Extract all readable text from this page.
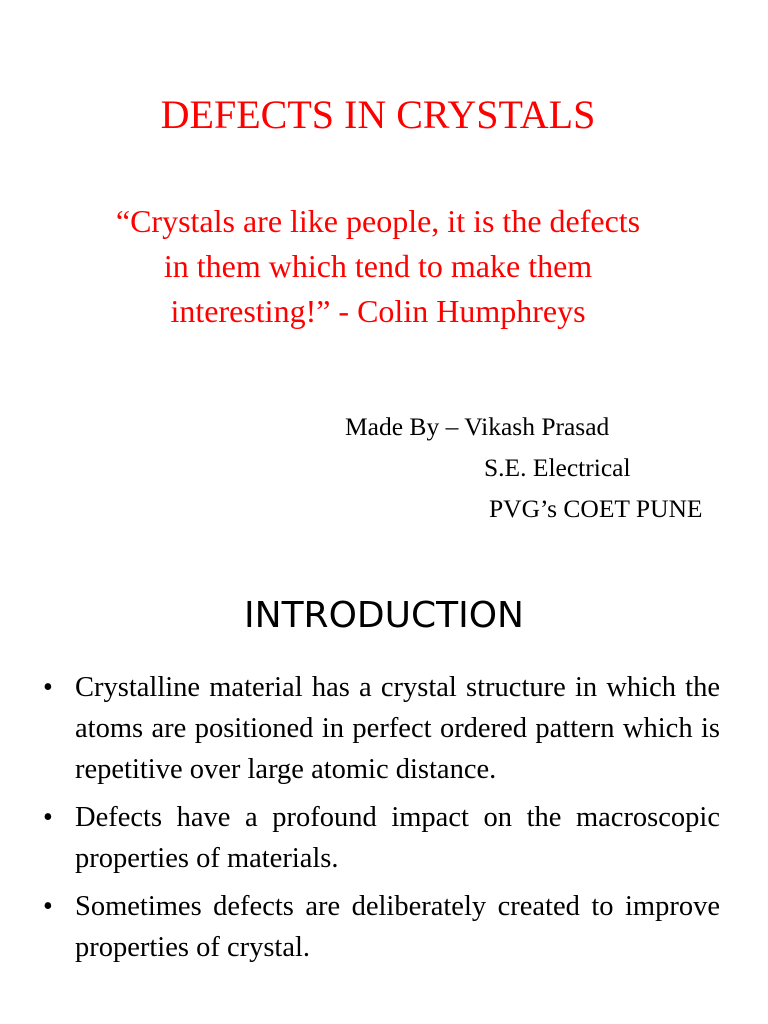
DEFECTS IN CRYSTALS

“Crystals are like people, it is the defects
in them which tend to make them
interesting!” - Colin Humphreys

Made By – Vikash Prasad
S.E. Electrical
PVG’s COET PUNE
INTRODUCTION
• Crystalline material has a crystal structure in which the atoms are positioned in perfect ordered pattern which is repetitive over large atomic distance.
• Defects have a profound impact on the macroscopic properties of materials.
• Sometimes defects are deliberately created to improve properties of crystal.
